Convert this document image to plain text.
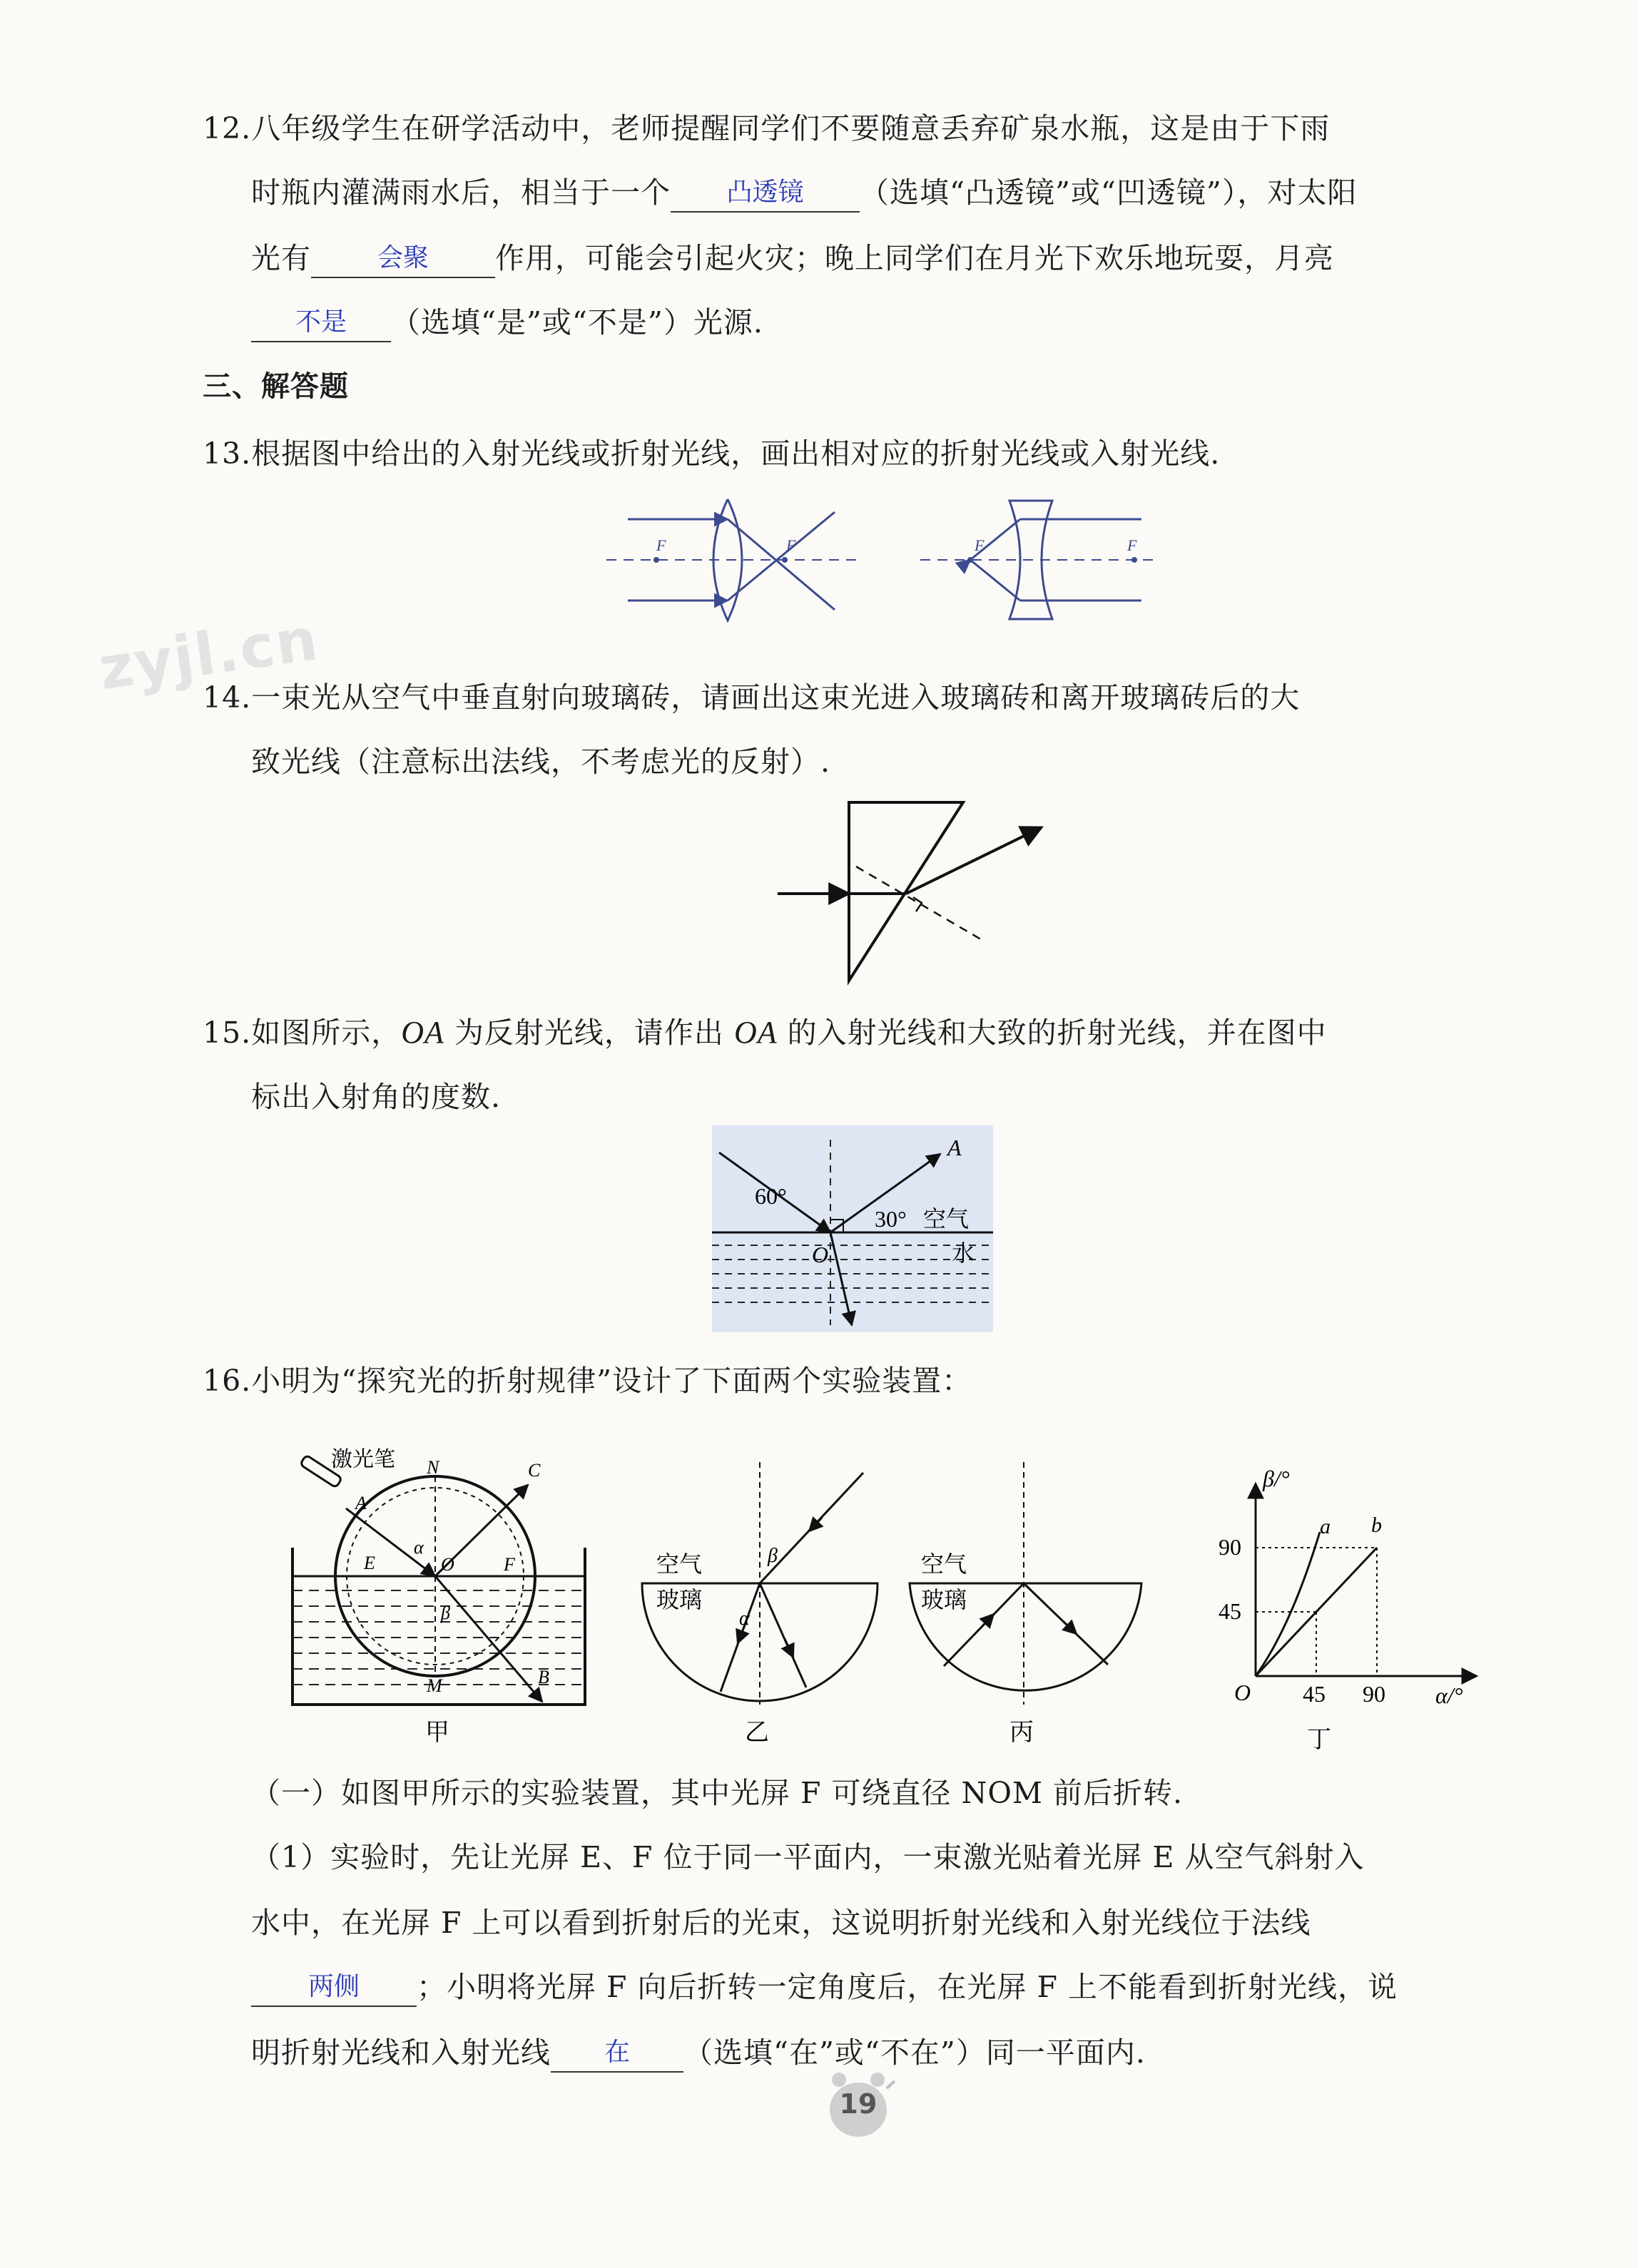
zyjl.cn
12.八年级学生在研学活动中，老师提醒同学们不要随意丢弃矿泉水瓶，这是由于下雨
时瓶内灌满雨水后，相当于一个	凸透镜	（选填“凸透镜”或“凹透镜”），对太阳
光有	会聚	作用，可能会引起火灾；晚上同学们在月光下欢乐地玩耍，月亮
不是	（选填“是”或“不是”）光源.
三、解答题
13.根据图中给出的入射光线或折射光线，画出相对应的折射光线或入射光线.
F	F	F	F
14.一束光从空气中垂直射向玻璃砖，请画出这束光进入玻璃砖和离开玻璃砖后的大
致光线（注意标出法线，不考虑光的反射）.
15.如图所示，OA 为反射光线，请作出 OA 的入射光线和大致的折射光线，并在图中
标出入射角的度数.
60°
A
30° 空气
O	水
16.小明为“探究光的折射规律”设计了下面两个实验装置：
激光笔 N	C
A
α
E	O	F
β
B
M
甲
空气
玻璃
β
α
乙
空气
玻璃
丙
β/°
90
45
O 45 90 α/°
a b
丁
（一）如图甲所示的实验装置，其中光屏 F 可绕直径 NOM 前后折转.
（1）实验时，先让光屏 E、F 位于同一平面内，一束激光贴着光屏 E 从空气斜射入
水中，在光屏 F 上可以看到折射后的光束，这说明折射光线和入射光线位于法线
两侧	；小明将光屏 F 向后折转一定角度后，在光屏 F 上不能看到折射光线，说
明折射光线和入射光线	在	（选填“在”或“不在”）同一平面内.
19
